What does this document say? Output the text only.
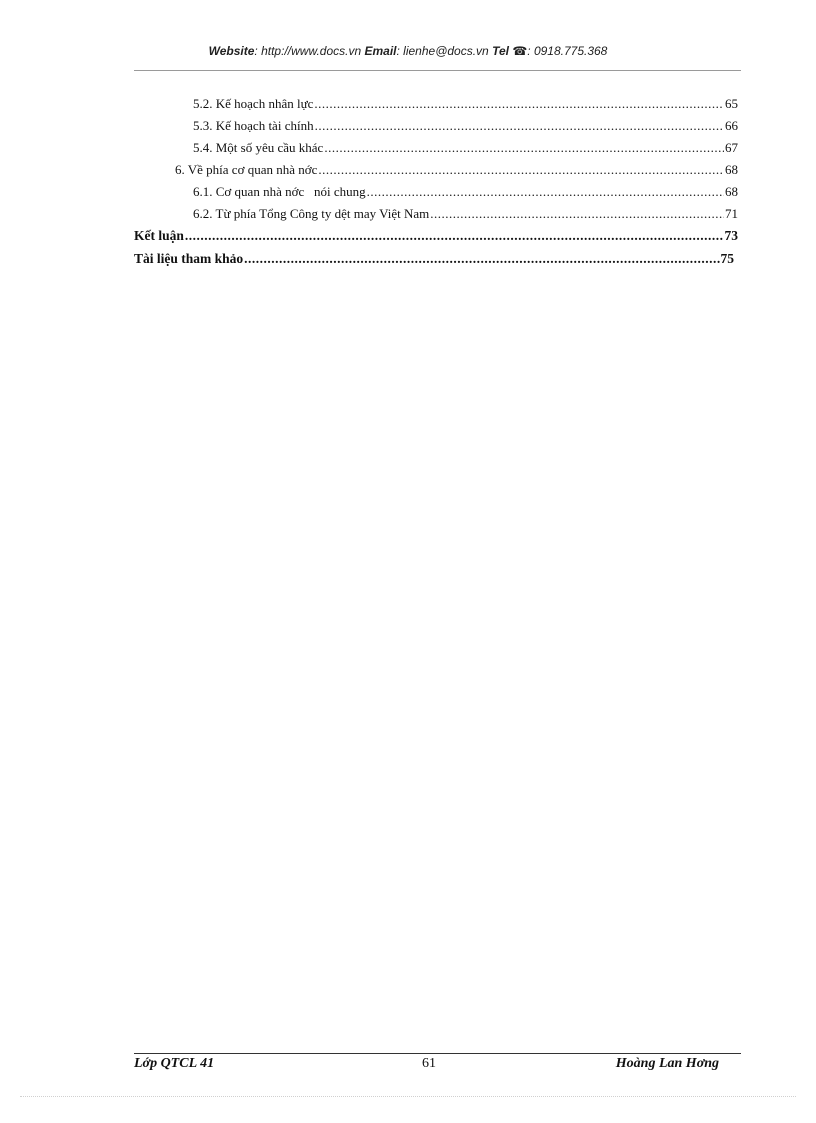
Website: http://www.docs.vn Email: lienhe@docs.vn Tel ☎: 0918.775.368
5.2. Kế hoạch nhân lực .....	65
5.3. Kế hoạch tài chính .....	66
5.4. Một số yêu cầu khác .....	67
6. Về phía cơ quan nhà nớc .....	68
6.1. Cơ quan nhà nớc   nói chung .....	68
6.2. Từ phía Tổng Công ty dệt may Việt Nam .....	71
Kết luận .....	73
Tài liệu tham khảo .....	75
Lớp QTCL 41	61	Hoàng Lan Hơng
